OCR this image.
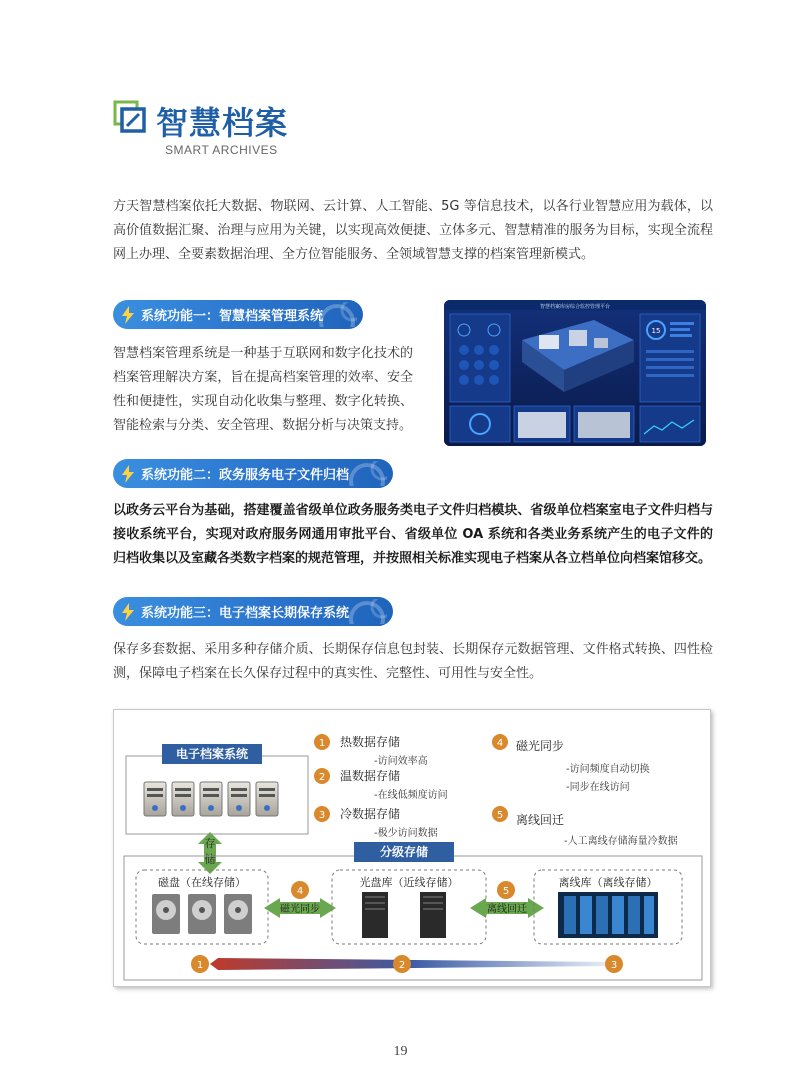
智慧档案
SMART ARCHIVES
方天智慧档案依托大数据、物联网、云计算、人工智能、5G 等信息技术，以各行业智慧应用为载体，以高价值数据汇聚、治理与应用为关键，以实现高效便捷、立体多元、智慧精准的服务为目标，实现全流程网上办理、全要素数据治理、全方位智能服务、全领域智慧支撑的档案管理新模式。
系统功能一：智慧档案管理系统
智慧档案管理系统是一种基于互联网和数字化技术的档案管理解决方案，旨在提高档案管理的效率、安全性和便捷性，实现自动化收集与整理、数字化转换、智能检索与分类、安全管理、数据分析与决策支持。
智慧档案库房综合监控管理平台
15
系统功能二：政务服务电子文件归档
以政务云平台为基础，搭建覆盖省级单位政务服务类电子文件归档模块、省级单位档案室电子文件归档与接收系统平台，实现对政府服务网通用审批平台、省级单位 OA 系统和各类业务系统产生的电子文件的归档收集以及室藏各类数字档案的规范管理，并按照相关标准实现电子档案从各立档单位向档案馆移交。
系统功能三：电子档案长期保存系统
保存多套数据、采用多种存储介质、长期保存信息包封装、长期保存元数据管理、文件格式转换、四性检测，保障电子档案在长久保存过程中的真实性、完整性、可用性与安全性。
电子档案系统
存
储
1 热数据存储
-访问效率高
2 温数据存储
-在线低频度访问
3 冷数据存储
-极少访问数据
4 磁光同步
-访问频度自动切换
-同步在线访问
5 离线回迁
-人工离线存储海量冷数据
分级存储
磁盘（在线存储）
4
磁光同步
光盘库（近线存储）
5
离线回迁
离线库（离线存储）
1	2	3
19
